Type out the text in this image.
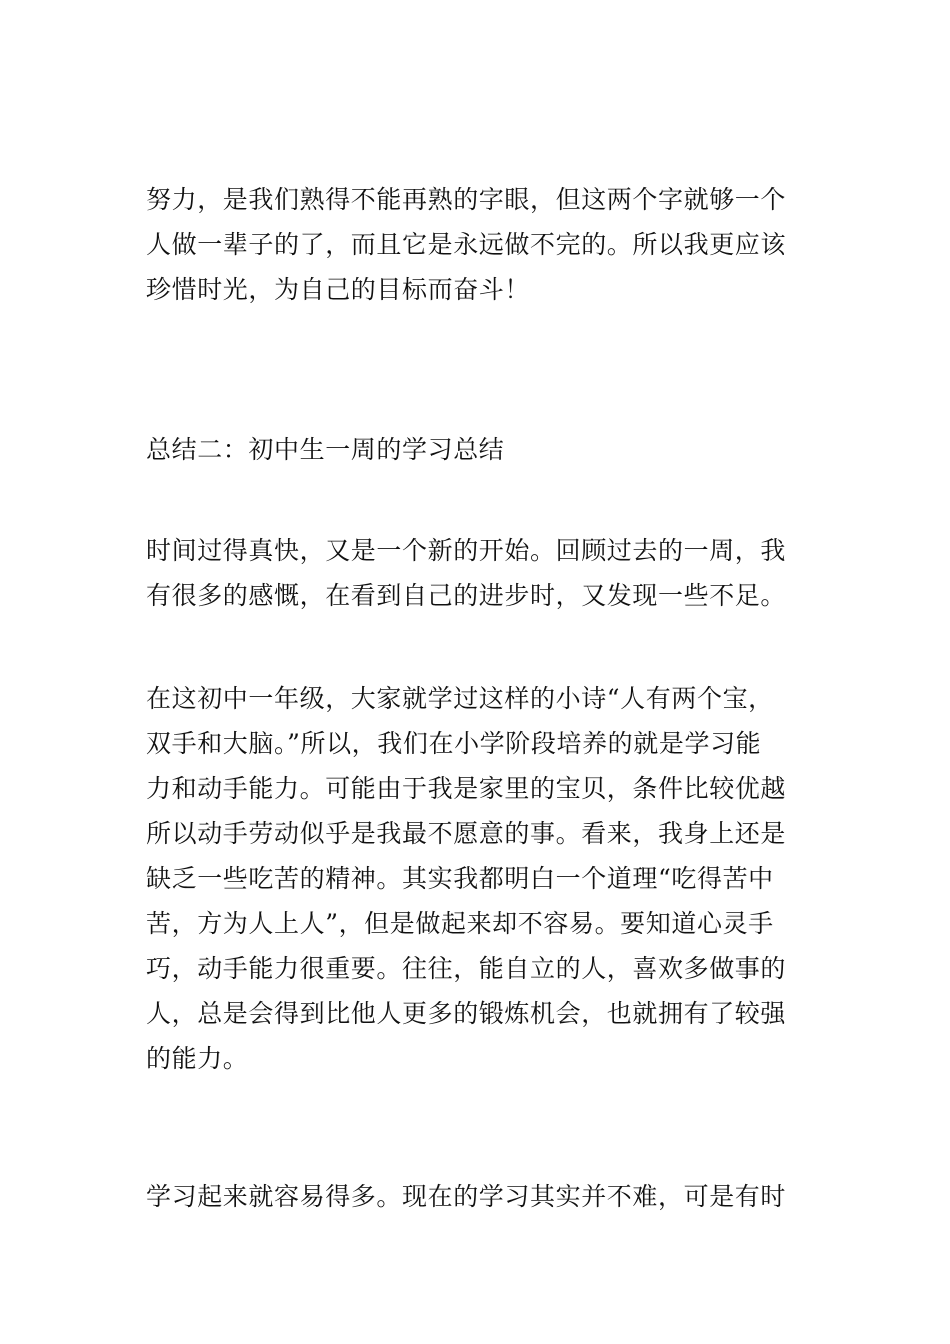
努力，是我们熟得不能再熟的字眼，但这两个字就够一个
人做一辈子的了，而且它是永远做不完的。所以我更应该
珍惜时光，为自己的目标而奋斗！
总结二：初中生一周的学习总结
时间过得真快，又是一个新的开始。回顾过去的一周，我
有很多的感慨，在看到自己的进步时，又发现一些不足。
在这初中一年级，大家就学过这样的小诗“人有两个宝，
双手和大脑。”所以，我们在小学阶段培养的就是学习能
力和动手能力。可能由于我是家里的宝贝，条件比较优越
所以动手劳动似乎是我最不愿意的事。看来，我身上还是
缺乏一些吃苦的精神。其实我都明白一个道理“吃得苦中
苦，方为人上人”，但是做起来却不容易。要知道心灵手
巧，动手能力很重要。往往，能自立的人，喜欢多做事的
人，总是会得到比他人更多的锻炼机会，也就拥有了较强
的能力。
学习起来就容易得多。现在的学习其实并不难，可是有时
